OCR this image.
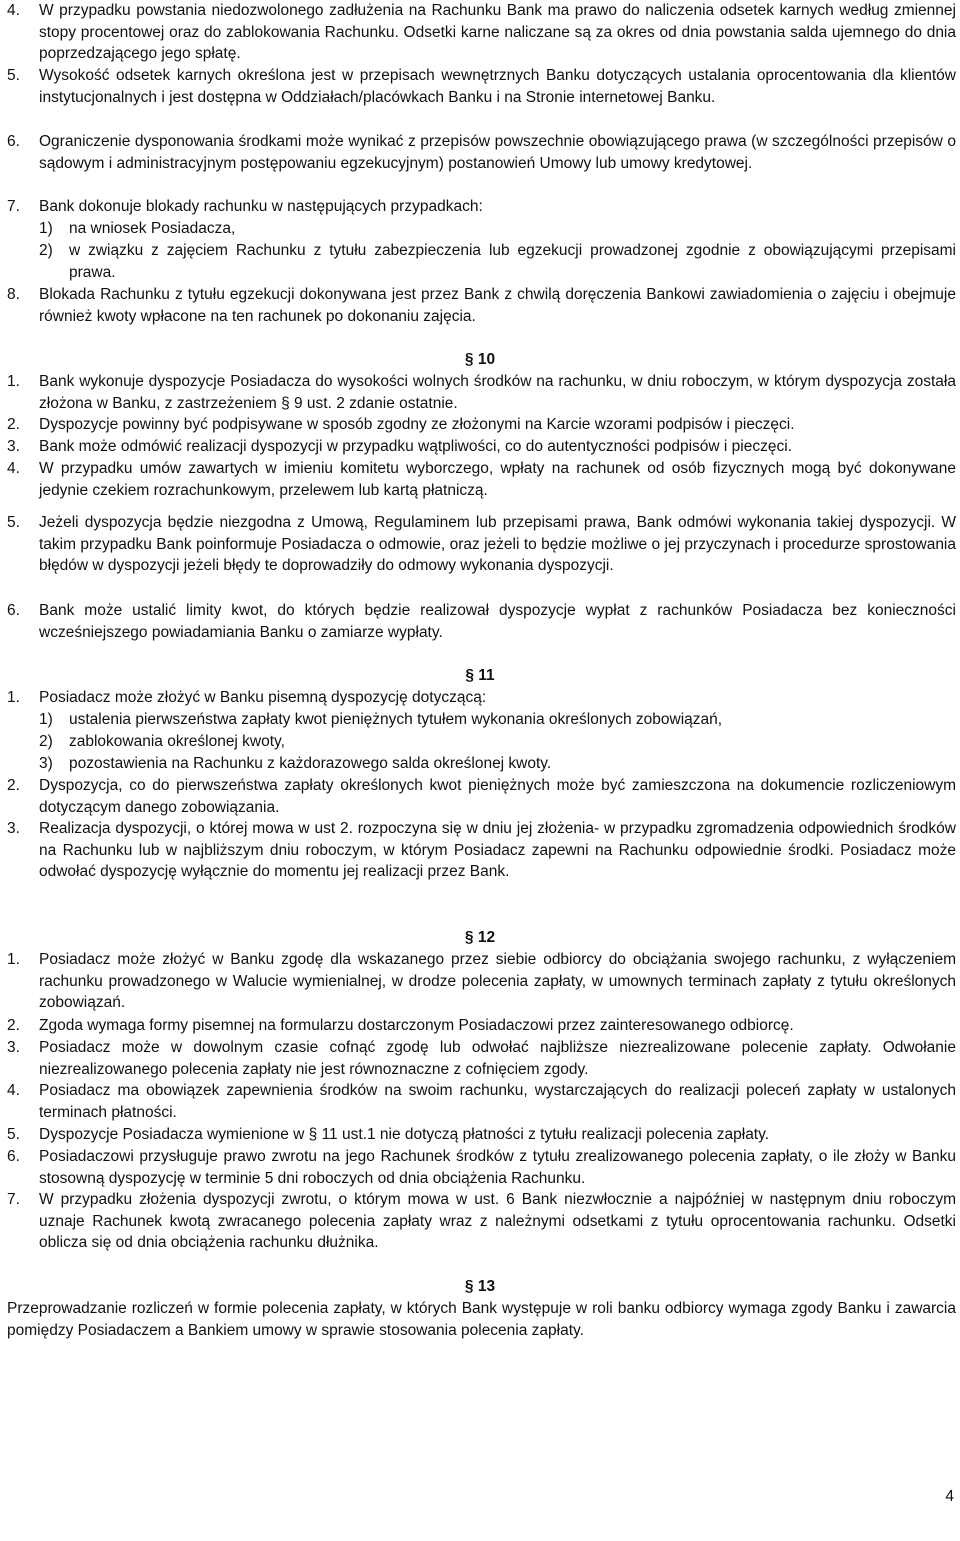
4. W przypadku powstania niedozwolonego zadłużenia na Rachunku Bank ma prawo do naliczenia odsetek karnych według zmiennej stopy procentowej oraz do zablokowania Rachunku. Odsetki karne naliczane są za okres od dnia powstania salda ujemnego do dnia poprzedzającego jego spłatę.
5. Wysokość odsetek karnych określona jest w przepisach wewnętrznych Banku dotyczących ustalania oprocentowania dla klientów instytucjonalnych i jest dostępna w Oddziałach/placówkach Banku i na Stronie internetowej Banku.
6. Ograniczenie dysponowania środkami może wynikać z przepisów powszechnie obowiązującego prawa (w szczególności przepisów o sądowym i administracyjnym postępowaniu egzekucyjnym) postanowień Umowy lub umowy kredytowej.
7. Bank dokonuje blokady rachunku w następujących przypadkach:
1) na wniosek Posiadacza,
2) w związku z zajęciem Rachunku z tytułu zabezpieczenia lub egzekucji prowadzonej zgodnie z obowiązującymi przepisami prawa.
8. Blokada Rachunku z tytułu egzekucji dokonywana jest przez Bank z chwilą doręczenia Bankowi zawiadomienia o zajęciu i obejmuje również kwoty wpłacone na ten rachunek po dokonaniu zajęcia.
§ 10
1. Bank wykonuje dyspozycje Posiadacza do wysokości wolnych środków na rachunku, w dniu roboczym, w którym dyspozycja została złożona w Banku, z zastrzeżeniem § 9 ust. 2 zdanie ostatnie.
2. Dyspozycje powinny być podpisywane w sposób zgodny ze złożonymi na Karcie wzorami podpisów i pieczęci.
3. Bank może odmówić realizacji dyspozycji w przypadku wątpliwości, co do autentyczności podpisów i pieczęci.
4. W przypadku umów zawartych w imieniu komitetu wyborczego, wpłaty na rachunek od osób fizycznych mogą być dokonywane jedynie czekiem rozrachunkowym, przelewem lub kartą płatniczą.
5. Jeżeli dyspozycja będzie niezgodna z Umową, Regulaminem lub przepisami prawa, Bank odmówi wykonania takiej dyspozycji. W takim przypadku Bank poinformuje Posiadacza o odmowie, oraz jeżeli to będzie możliwe o jej przyczynach i procedurze sprostowania błędów w dyspozycji jeżeli błędy te doprowadziły do odmowy wykonania dyspozycji.
6. Bank może ustalić limity kwot, do których będzie realizował dyspozycje wypłat z rachunków Posiadacza bez konieczności wcześniejszego powiadamiania Banku o zamiarze wypłaty.
§ 11
1. Posiadacz może złożyć w Banku pisemną dyspozycję dotyczącą:
1) ustalenia pierwszeństwa zapłaty kwot pieniężnych tytułem wykonania określonych zobowiązań,
2) zablokowania określonej kwoty,
3) pozostawienia na Rachunku z każdorazowego salda określonej kwoty.
2. Dyspozycja, co do pierwszeństwa zapłaty określonych kwot pieniężnych może być zamieszczona na dokumencie rozliczeniowym dotyczącym danego zobowiązania.
3. Realizacja dyspozycji, o której mowa w ust 2. rozpoczyna się w dniu jej złożenia- w przypadku zgromadzenia odpowiednich środków na Rachunku lub w najbliższym dniu roboczym, w którym Posiadacz zapewni na Rachunku odpowiednie środki. Posiadacz może odwołać dyspozycję wyłącznie do momentu jej realizacji przez Bank.
§ 12
1. Posiadacz może złożyć w Banku zgodę dla wskazanego przez siebie odbiorcy do obciążania swojego rachunku, z wyłączeniem rachunku prowadzonego w Walucie wymienialnej, w drodze polecenia zapłaty, w umownych terminach zapłaty z tytułu określonych zobowiązań.
2. Zgoda wymaga formy pisemnej na formularzu dostarczonym Posiadaczowi przez zainteresowanego odbiorcę.
3. Posiadacz może w dowolnym czasie cofnąć zgodę lub odwołać najbliższe niezrealizowane polecenie zapłaty. Odwołanie niezrealizowanego polecenia zapłaty nie jest równoznaczne z cofnięciem zgody.
4. Posiadacz ma obowiązek zapewnienia środków na swoim rachunku, wystarczających do realizacji poleceń zapłaty w ustalonych terminach płatności.
5. Dyspozycje Posiadacza wymienione w § 11 ust.1 nie dotyczą płatności z tytułu realizacji polecenia zapłaty.
6. Posiadaczowi przysługuje prawo zwrotu na jego Rachunek środków z tytułu zrealizowanego polecenia zapłaty, o ile złoży w Banku stosowną dyspozycję w terminie 5 dni roboczych od dnia obciążenia Rachunku.
7. W przypadku złożenia dyspozycji zwrotu, o którym mowa w ust. 6 Bank niezwłocznie a najpóźniej w następnym dniu roboczym uznaje Rachunek kwotą zwracanego polecenia zapłaty wraz z należnymi odsetkami z tytułu oprocentowania rachunku. Odsetki oblicza się od dnia obciążenia rachunku dłużnika.
§ 13
Przeprowadzanie rozliczeń w formie polecenia zapłaty, w których Bank występuje w roli banku odbiorcy wymaga zgody Banku i zawarcia pomiędzy Posiadaczem a Bankiem umowy w sprawie stosowania polecenia zapłaty.
4
